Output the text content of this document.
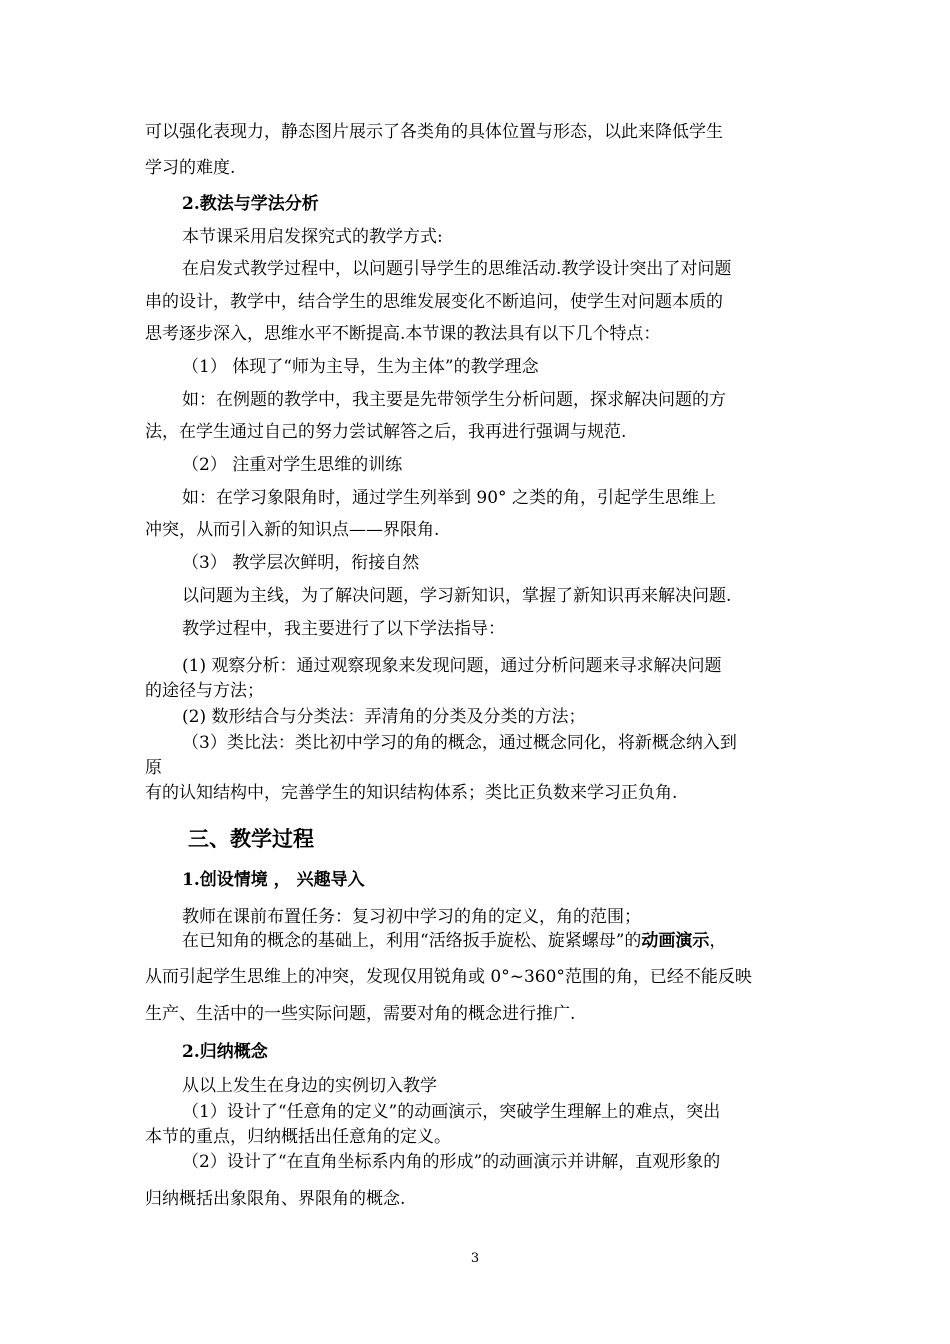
可以强化表现力，静态图片展示了各类角的具体位置与形态，以此来降低学生
学习的难度.
2.教法与学法分析
本节课采用启发探究式的教学方式:
在启发式教学过程中，以问题引导学生的思维活动.教学设计突出了对问题
串的设计，教学中，结合学生的思维发展变化不断追问，使学生对问题本质的
思考逐步深入，思维水平不断提高.本节课的教法具有以下几个特点：
（1） 体现了“师为主导，生为主体”的教学理念
如：在例题的教学中，我主要是先带领学生分析问题，探求解决问题的方
法，在学生通过自己的努力尝试解答之后，我再进行强调与规范.
（2） 注重对学生思维的训练
如：在学习象限角时，通过学生列举到 90° 之类的角，引起学生思维上
冲突，从而引入新的知识点——界限角.
（3） 教学层次鲜明，衔接自然
以问题为主线，为了解决问题，学习新知识，掌握了新知识再来解决问题.
教学过程中，我主要进行了以下学法指导：
(1) 观察分析：通过观察现象来发现问题，通过分析问题来寻求解决问题
的途径与方法；
(2) 数形结合与分类法：弄清角的分类及分类的方法；
（3）类比法：类比初中学习的角的概念，通过概念同化，将新概念纳入到
原
有的认知结构中，完善学生的知识结构体系；类比正负数来学习正负角.
三、教学过程
1.创设情境 ， 兴趣导入
教师在课前布置任务：复习初中学习的角的定义，角的范围；
在已知角的概念的基础上，利用“活络扳手旋松、旋紧螺母”的动画演示，
从而引起学生思维上的冲突，发现仅用锐角或 0°~360°范围的角，已经不能反映
生产、生活中的一些实际问题，需要对角的概念进行推广.
2.归纳概念
从以上发生在身边的实例切入教学
（1）设计了“任意角的定义”的动画演示，突破学生理解上的难点，突出
本节的重点，归纳概括出任意角的定义。
（2）设计了“在直角坐标系内角的形成”的动画演示并讲解，直观形象的
归纳概括出象限角、界限角的概念.
3
